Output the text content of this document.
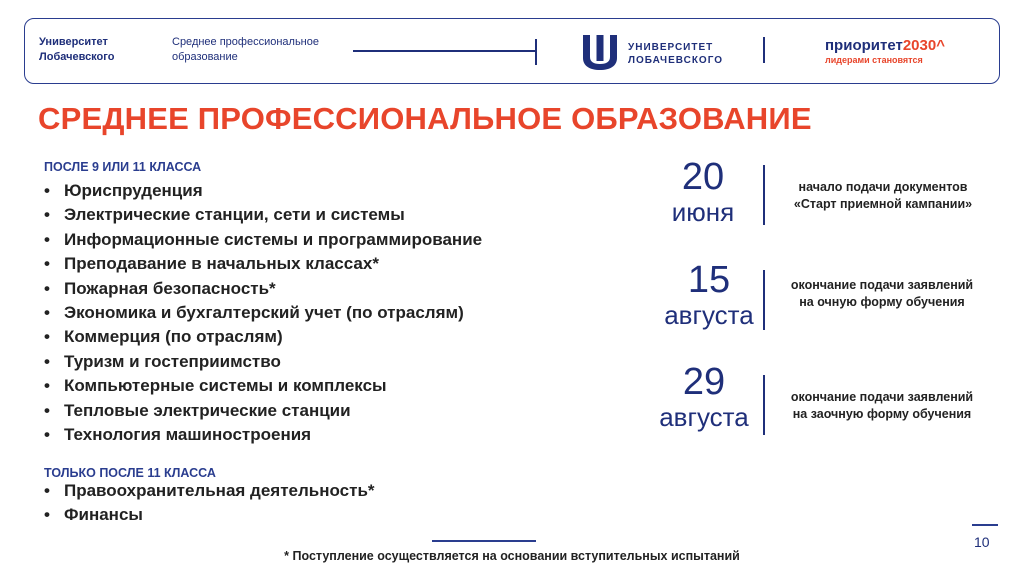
Университет
Лобачевского
Среднее профессиональное
образование
УНИВЕРСИТЕТ
ЛОБАЧЕВСКОГО
приоритет2030^
лидерами становятся
СРЕДНЕЕ ПРОФЕССИОНАЛЬНОЕ ОБРАЗОВАНИЕ
ПОСЛЕ 9 ИЛИ 11 КЛАССА
• Юриспруденция
• Электрические станции, сети и системы
• Информационные системы и программирование
• Преподавание в начальных классах*
• Пожарная безопасность*
• Экономика и бухгалтерский учет (по отраслям)
• Коммерция (по отраслям)
• Туризм и гостеприимство
• Компьютерные системы и комплексы
• Тепловые электрические станции
• Технология машиностроения
ТОЛЬКО ПОСЛЕ 11 КЛАССА
• Правоохранительная деятельность*
• Финансы
20
июня
начало подачи документов
«Старт приемной кампании»
15
августа
окончание подачи заявлений
на очную форму обучения
29
августа
окончание подачи заявлений
на заочную форму обучения
* Поступление осуществляется на основании вступительных испытаний
10
